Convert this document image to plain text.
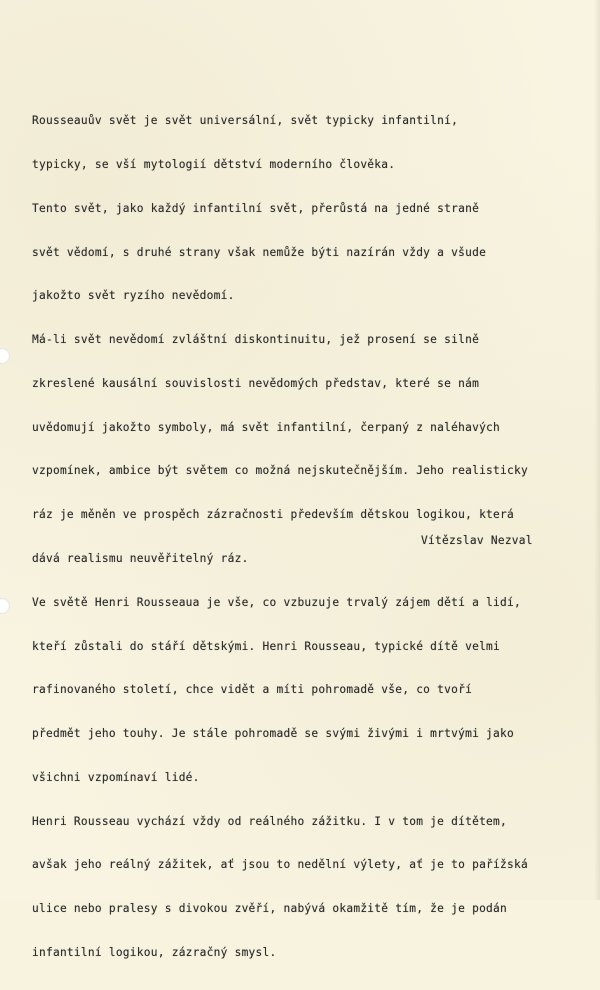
Rousseauův svět je svět universální, svět typicky infantilní,

typicky, se vší mytologií dětství moderního člověka.

Tento svět, jako každý infantilní svět, přerůstá na jedné straně

svět vědomí, s druhé strany však nemůže býti nazírán vždy a všude

jakožto svět ryzího nevědomí.

Má-li svět nevědomí zvláštní diskontinuitu, jež prosení se silně

zkreslené kausální souvislosti nevědomých představ, které se nám

uvědomují jakožto symboly, má svět infantilní, čerpaný z naléhavých

vzpomínek, ambice být světem co možná nejskutečnějším. Jeho realisticky

ráz je měněn ve prospěch zázračnosti především dětskou logikou, která

dává realismu neuvěřitelný ráz.

Ve světě Henri Rousseaua je vše, co vzbuzuje trvalý zájem dětí a lidí,

kteří zůstali do stáří dětskými. Henri Rousseau, typické dítě velmi

rafinovaného století, chce vidět a míti pohromadě vše, co tvoří

předmět jeho touhy. Je stále pohromadě se svými živými i mrtvými jako

všichni vzpomínaví lidé.

Henri Rousseau vychází vždy od reálného zážitku. I v tom je dítětem,

avšak jeho reálný zážitek, ať jsou to nedělní výlety, ať je to pařížská

ulice nebo pralesy s divokou zvěří, nabývá okamžitě tím, že je podán

infantilní logikou, zázračný smysl.

Vítězslav Nezval
